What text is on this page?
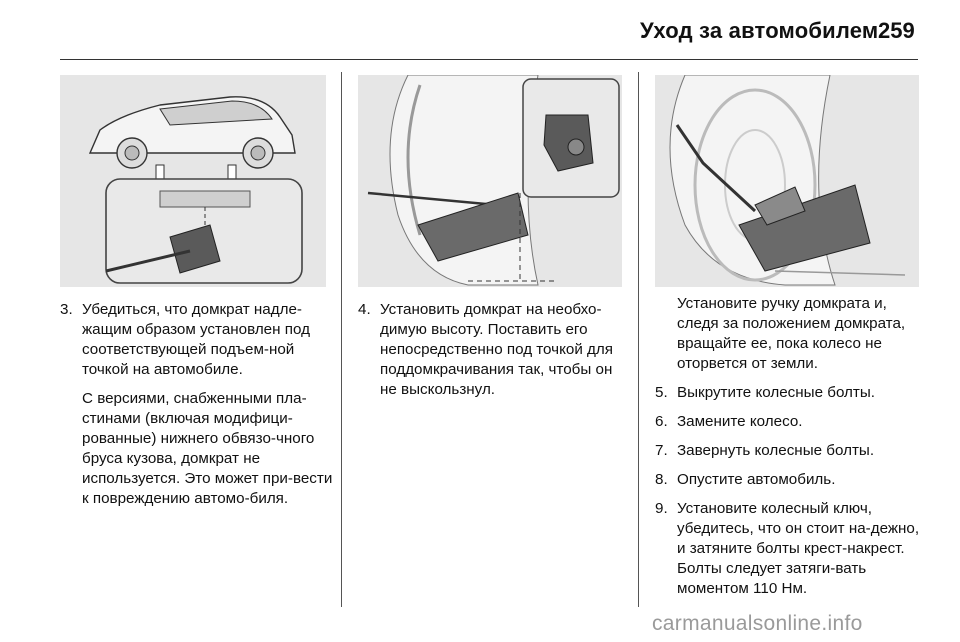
Уход за автомобилем 259
3. Убедиться, что домкрат надле-жащим образом установлен под соответствующей подъем-ной точкой на автомобиле.

С версиями, снабженными пла-стинами (включая модифици-рованные) нижнего обвязо-чного бруса кузова, домкрат не используется. Это может при-вести к повреждению автомо-биля.

4. Установить домкрат на необхо-димую высоту. Поставить его непосредственно под точкой для поддомкрачивания так, чтобы он не выскользнул.

Установите ручку домкрата и, следя за положением домкрата, вращайте ее, пока колесо не оторвется от земли.
5. Выкрутите колесные болты.

6. Замените колесо.

7. Завернуть колесные болты.

8. Опустите автомобиль.

9. Установите колесный ключ, убедитесь, что он стоит на-дежно, и затяните болты крест-накрест. Болты следует затяги-вать моментом 110 Нм.

carmanualsonline.info
